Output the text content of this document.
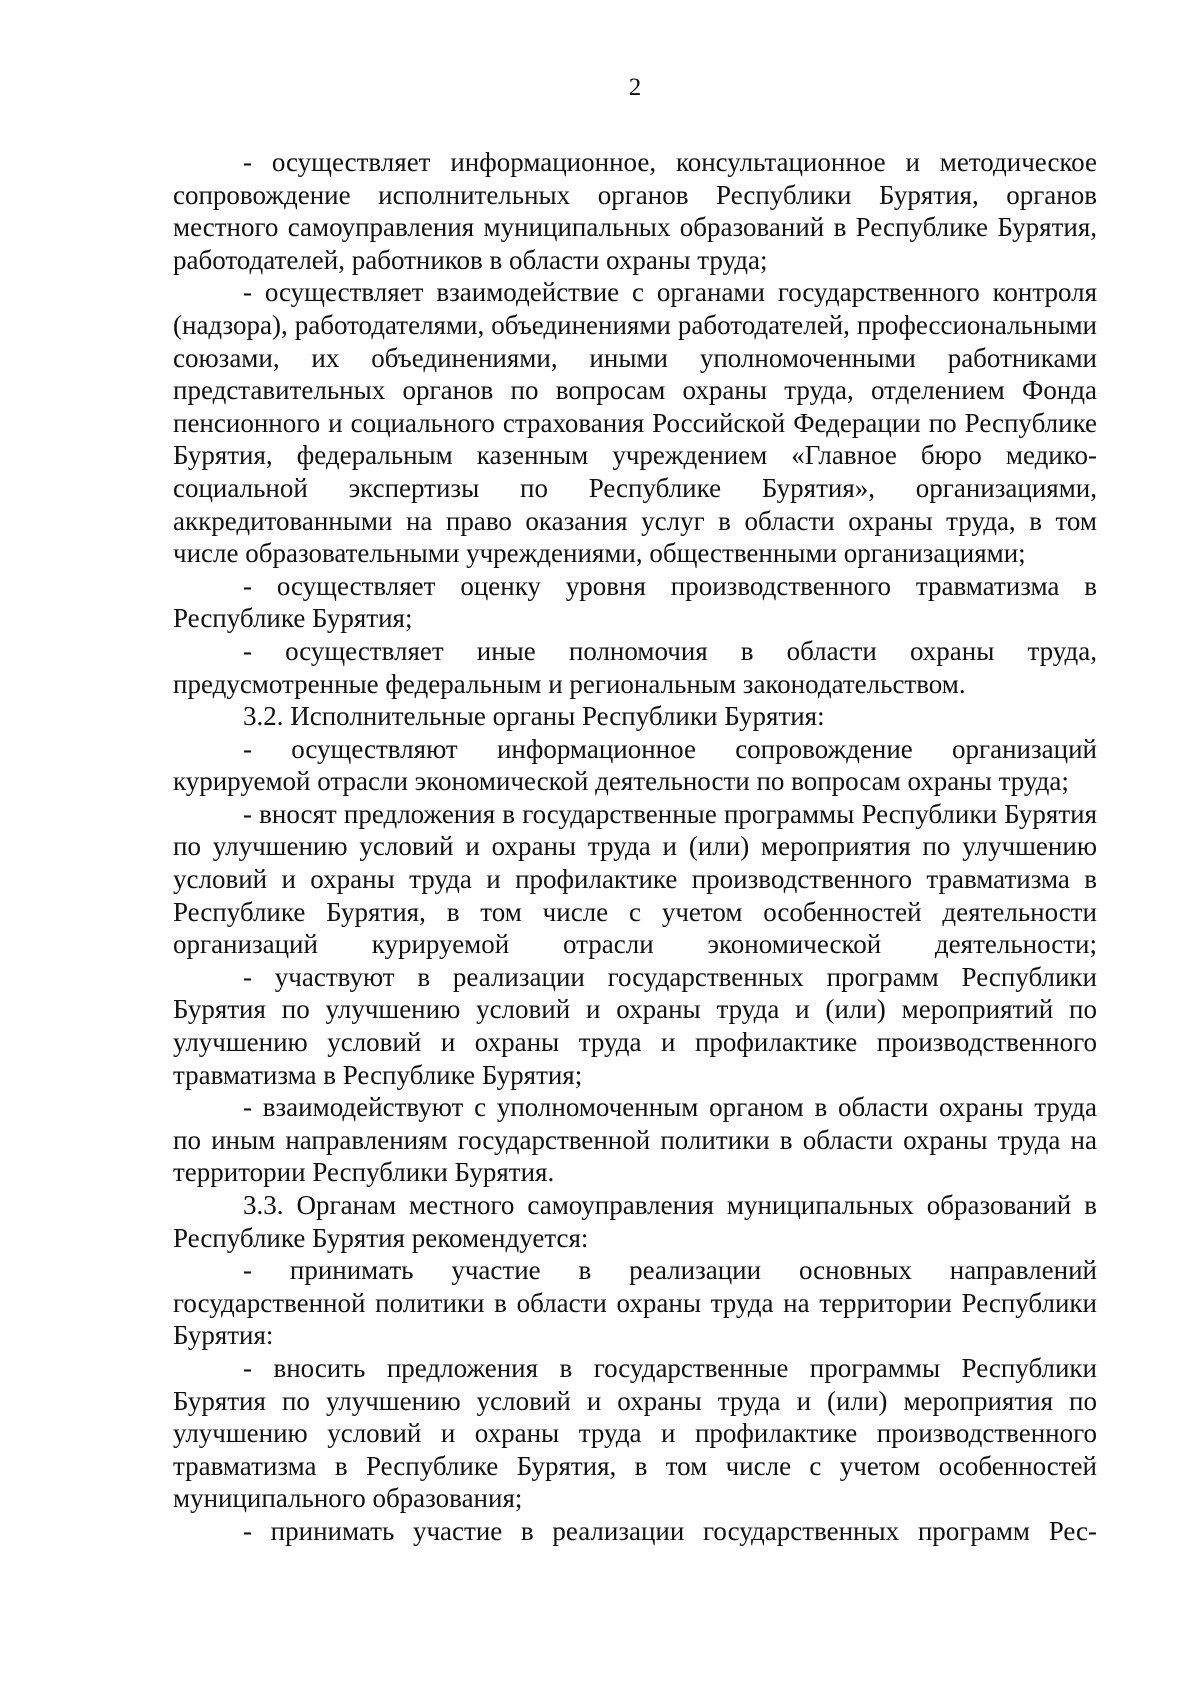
2

- осуществляет информационное, консультационное и методическое сопровождение исполнительных органов Республики Бурятия, органов местного самоуправления муниципальных образований в Республике Бурятия, работодателей, работников в области охраны труда;

- осуществляет взаимодействие с органами государственного контроля (надзора), работодателями, объединениями работодателей, профессиональными союзами, их объединениями, иными уполномоченными работниками представительных органов по вопросам охраны труда, отделением Фонда пенсионного и социального страхования Российской Федерации по Республике Бурятия, федеральным казенным учреждением «Главное бюро медико-социальной экспертизы по Республике Бурятия», организациями, аккредитованными на право оказания услуг в области охраны труда, в том числе образовательными учреждениями, общественными организациями;

- осуществляет оценку уровня производственного травматизма в Республике Бурятия;

- осуществляет иные полномочия в области охраны труда, предусмотренные федеральным и региональным законодательством.

3.2. Исполнительные органы Республики Бурятия:

- осуществляют информационное сопровождение организаций курируемой отрасли экономической деятельности по вопросам охраны труда;

- вносят предложения в государственные программы Республики Бурятия по улучшению условий и охраны труда и (или) мероприятия по улучшению условий и охраны труда и профилактике производственного травматизма в Республике Бурятия, в том числе с учетом особенностей деятельности организаций курируемой отрасли экономической деятельности;

- участвуют в реализации государственных программ Республики Бурятия по улучшению условий и охраны труда и (или) мероприятий по улучшению условий и охраны труда и профилактике производственного травматизма в Республике Бурятия;

- взаимодействуют с уполномоченным органом в области охраны труда по иным направлениям государственной политики в области охраны труда на территории Республики Бурятия.

3.3. Органам местного самоуправления муниципальных образований в Республике Бурятия рекомендуется:

- принимать участие в реализации основных направлений государственной политики в области охраны труда на территории Республики Бурятия:

- вносить предложения в государственные программы Республики Бурятия по улучшению условий и охраны труда и (или) мероприятия по улучшению условий и охраны труда и профилактике производственного травматизма в Республике Бурятия, в том числе с учетом особенностей муниципального образования;

- принимать участие в реализации государственных программ Рес-
